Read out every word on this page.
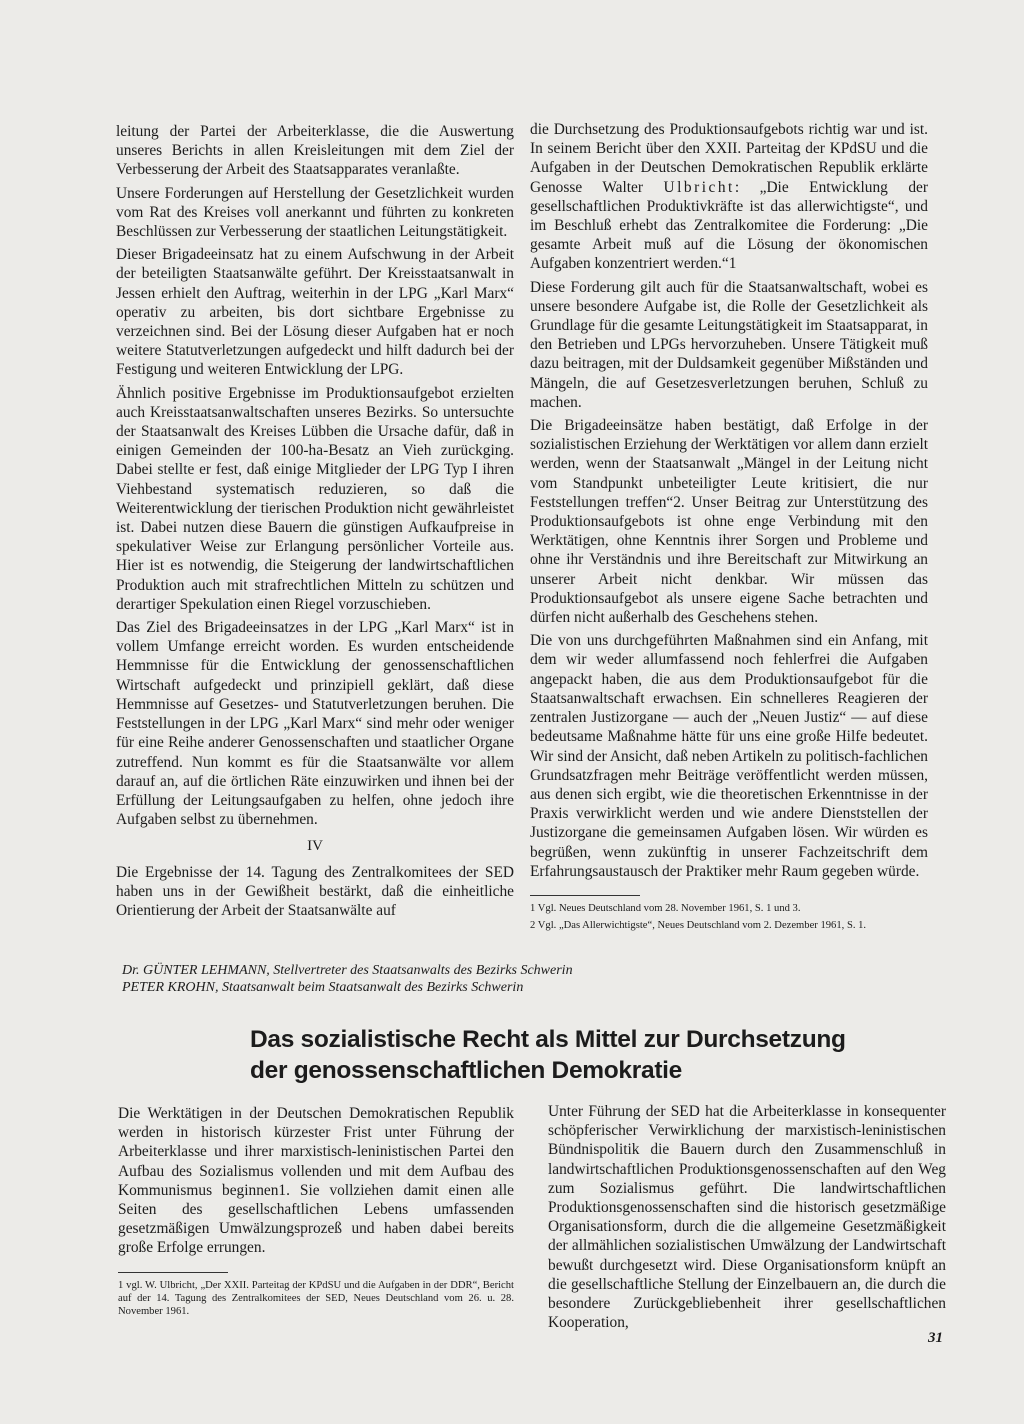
leitung der Partei der Arbeiterklasse, die die Auswertung unseres Berichts in allen Kreisleitungen mit dem Ziel der Verbesserung der Arbeit des Staatsapparates veranlaßte.

Unsere Forderungen auf Herstellung der Gesetzlichkeit wurden vom Rat des Kreises voll anerkannt und führten zu konkreten Beschlüssen zur Verbesserung der staatlichen Leitungstätigkeit.

Dieser Brigadeeinsatz hat zu einem Aufschwung in der Arbeit der beteiligten Staatsanwälte geführt. Der Kreisstaatsanwalt in Jessen erhielt den Auftrag, weiterhin in der LPG „Karl Marx“ operativ zu arbeiten, bis dort sichtbare Ergebnisse zu verzeichnen sind. Bei der Lösung dieser Aufgaben hat er noch weitere Statutverletzungen aufgedeckt und hilft dadurch bei der Festigung und weiteren Entwicklung der LPG.

Ähnlich positive Ergebnisse im Produktionsaufgebot erzielten auch Kreisstaatsanwaltschaften unseres Bezirks. So untersuchte der Staatsanwalt des Kreises Lübben die Ursache dafür, daß in einigen Gemeinden der 100-ha-Besatz an Vieh zurückging. Dabei stellte er fest, daß einige Mitglieder der LPG Typ I ihren Viehbestand systematisch reduzieren, so daß die Weiterentwicklung der tierischen Produktion nicht gewährleistet ist. Dabei nutzen diese Bauern die günstigen Aufkaufpreise in spekulativer Weise zur Erlangung persönlicher Vorteile aus. Hier ist es notwendig, die Steigerung der landwirtschaftlichen Produktion auch mit strafrechtlichen Mitteln zu schützen und derartiger Spekulation einen Riegel vorzuschieben.

Das Ziel des Brigadeeinsatzes in der LPG „Karl Marx“ ist in vollem Umfange erreicht worden. Es wurden entscheidende Hemmnisse für die Entwicklung der genossenschaftlichen Wirtschaft aufgedeckt und prinzipiell geklärt, daß diese Hemmnisse auf Gesetzes- und Statutverletzungen beruhen. Die Feststellungen in der LPG „Karl Marx“ sind mehr oder weniger für eine Reihe anderer Genossenschaften und staatlicher Organe zutreffend. Nun kommt es für die Staatsanwälte vor allem darauf an, auf die örtlichen Räte einzuwirken und ihnen bei der Erfüllung der Leitungsaufgaben zu helfen, ohne jedoch ihre Aufgaben selbst zu übernehmen.

IV

Die Ergebnisse der 14. Tagung des Zentralkomitees der SED haben uns in der Gewißheit bestärkt, daß die einheitliche Orientierung der Arbeit der Staatsanwälte auf

die Durchsetzung des Produktionsaufgebots richtig war und ist. In seinem Bericht über den XXII. Parteitag der KPdSU und die Aufgaben in der Deutschen Demokratischen Republik erklärte Genosse Walter Ulbricht: „Die Entwicklung der gesellschaftlichen Produktivkräfte ist das allerwichtigste“, und im Beschluß erhebt das Zentralkomitee die Forderung: „Die gesamte Arbeit muß auf die Lösung der ökonomischen Aufgaben konzentriert werden.“1

Diese Forderung gilt auch für die Staatsanwaltschaft, wobei es unsere besondere Aufgabe ist, die Rolle der Gesetzlichkeit als Grundlage für die gesamte Leitungstätigkeit im Staatsapparat, in den Betrieben und LPGs hervorzuheben. Unsere Tätigkeit muß dazu beitragen, mit der Duldsamkeit gegenüber Mißständen und Mängeln, die auf Gesetzesverletzungen beruhen, Schluß zu machen.

Die Brigadeeinsätze haben bestätigt, daß Erfolge in der sozialistischen Erziehung der Werktätigen vor allem dann erzielt werden, wenn der Staatsanwalt „Mängel in der Leitung nicht vom Standpunkt unbeteiligter Leute kritisiert, die nur Feststellungen treffen“2. Unser Beitrag zur Unterstützung des Produktionsaufgebots ist ohne enge Verbindung mit den Werktätigen, ohne Kenntnis ihrer Sorgen und Probleme und ohne ihr Verständnis und ihre Bereitschaft zur Mitwirkung an unserer Arbeit nicht denkbar. Wir müssen das Produktionsaufgebot als unsere eigene Sache betrachten und dürfen nicht außerhalb des Geschehens stehen.

Die von uns durchgeführten Maßnahmen sind ein Anfang, mit dem wir weder allumfassend noch fehlerfrei die Aufgaben angepackt haben, die aus dem Produktionsaufgebot für die Staatsanwaltschaft erwachsen. Ein schnelleres Reagieren der zentralen Justizorgane — auch der „Neuen Justiz“ — auf diese bedeutsame Maßnahme hätte für uns eine große Hilfe bedeutet. Wir sind der Ansicht, daß neben Artikeln zu politisch-fachlichen Grundsatzfragen mehr Beiträge veröffentlicht werden müssen, aus denen sich ergibt, wie die theoretischen Erkenntnisse in der Praxis verwirklicht werden und wie andere Dienststellen der Justizorgane die gemeinsamen Aufgaben lösen. Wir würden es begrüßen, wenn zukünftig in unserer Fachzeitschrift dem Erfahrungsaustausch der Praktiker mehr Raum gegeben würde.

1 Vgl. Neues Deutschland vom 28. November 1961, S. 1 und 3.

2 Vgl. „Das Allerwichtigste“, Neues Deutschland vom 2. Dezember 1961, S. 1.

Dr. GÜNTER LEHMANN, Stellvertreter des Staatsanwalts des Bezirks Schwerin
PETER KROHN, Staatsanwalt beim Staatsanwalt des Bezirks Schwerin
Das sozialistische Recht als Mittel zur Durchsetzung
der genossenschaftlichen Demokratie

Die Werktätigen in der Deutschen Demokratischen Republik werden in historisch kürzester Frist unter Führung der Arbeiterklasse und ihrer marxistisch-leninistischen Partei den Aufbau des Sozialismus vollenden und mit dem Aufbau des Kommunismus beginnen1. Sie vollziehen damit einen alle Seiten des gesellschaftlichen Lebens umfassenden gesetzmäßigen Umwälzungsprozeß und haben dabei bereits große Erfolge errungen.

1 vgl. W. Ulbricht, „Der XXII. Parteitag der KPdSU und die Aufgaben in der DDR“, Bericht auf der 14. Tagung des Zentralkomitees der SED, Neues Deutschland vom 26. u. 28. November 1961.

Unter Führung der SED hat die Arbeiterklasse in konsequenter schöpferischer Verwirklichung der marxistisch-leninistischen Bündnispolitik die Bauern durch den Zusammenschluß in landwirtschaftlichen Produktionsgenossenschaften auf den Weg zum Sozialismus geführt. Die landwirtschaftlichen Produktionsgenossenschaften sind die historisch gesetzmäßige Organisationsform, durch die die allgemeine Gesetzmäßigkeit der allmählichen sozialistischen Umwälzung der Landwirtschaft bewußt durchgesetzt wird. Diese Organisationsform knüpft an die gesellschaftliche Stellung der Einzelbauern an, die durch die besondere Zurückgebliebenheit ihrer gesellschaftlichen Kooperation,

31
